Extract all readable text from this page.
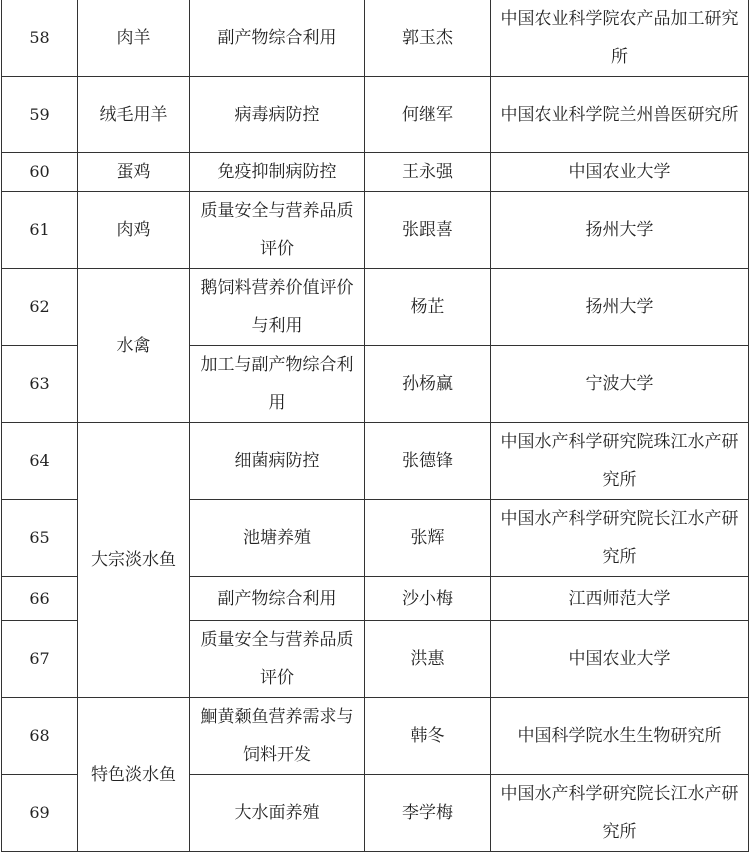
58	肉羊	副产物综合利用	郭玉杰	中国农业科学院农产品加工研究所
59	绒毛用羊	病毒病防控	何继军	中国农业科学院兰州兽医研究所
60	蛋鸡	免疫抑制病防控	王永强	中国农业大学
61	肉鸡	质量安全与营养品质评价	张跟喜	扬州大学
62	水禽	鹅饲料营养价值评价与利用	杨芷	扬州大学
63		加工与副产物综合利用	孙杨赢	宁波大学
64	大宗淡水鱼	细菌病防控	张德锋	中国水产科学研究院珠江水产研究所
65		池塘养殖	张辉	中国水产科学研究院长江水产研究所
66		副产物综合利用	沙小梅	江西师范大学
67		质量安全与营养品质评价	洪惠	中国农业大学
68	特色淡水鱼	鮰黄颡鱼营养需求与饲料开发	韩冬	中国科学院水生生物研究所
69		大水面养殖	李学梅	中国水产科学研究院长江水产研究所
